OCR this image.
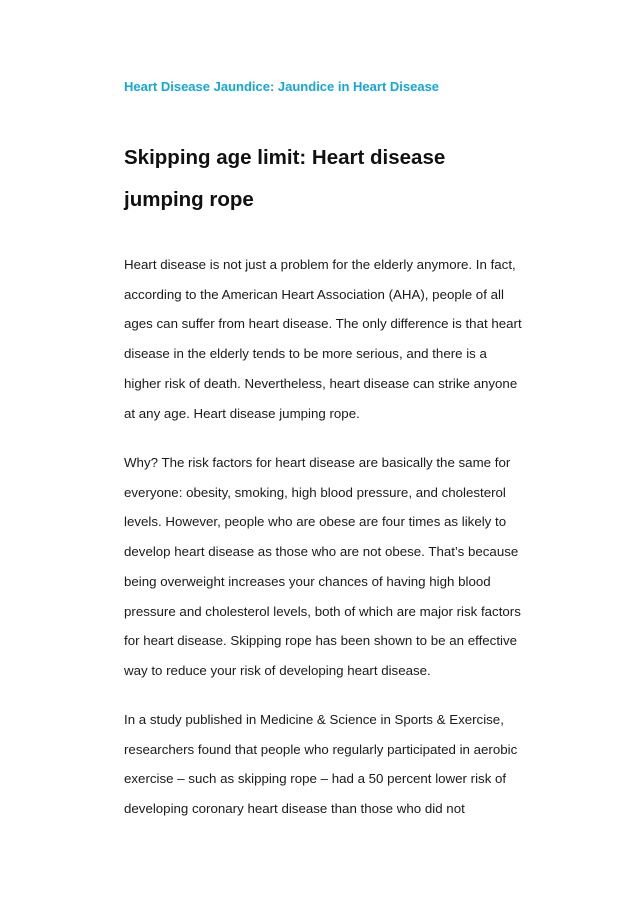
Heart Disease Jaundice: Jaundice in Heart Disease
Skipping age limit: Heart disease
jumping rope

Heart disease is not just a problem for the elderly anymore. In fact,
according to the American Heart Association (AHA), people of all
ages can suffer from heart disease. The only difference is that heart
disease in the elderly tends to be more serious, and there is a
higher risk of death. Nevertheless, heart disease can strike anyone
at any age. Heart disease jumping rope.

Why? The risk factors for heart disease are basically the same for
everyone: obesity, smoking, high blood pressure, and cholesterol
levels. However, people who are obese are four times as likely to
develop heart disease as those who are not obese. That’s because
being overweight increases your chances of having high blood
pressure and cholesterol levels, both of which are major risk factors
for heart disease. Skipping rope has been shown to be an effective
way to reduce your risk of developing heart disease.

In a study published in Medicine & Science in Sports & Exercise,
researchers found that people who regularly participated in aerobic
exercise – such as skipping rope – had a 50 percent lower risk of
developing coronary heart disease than those who did not
